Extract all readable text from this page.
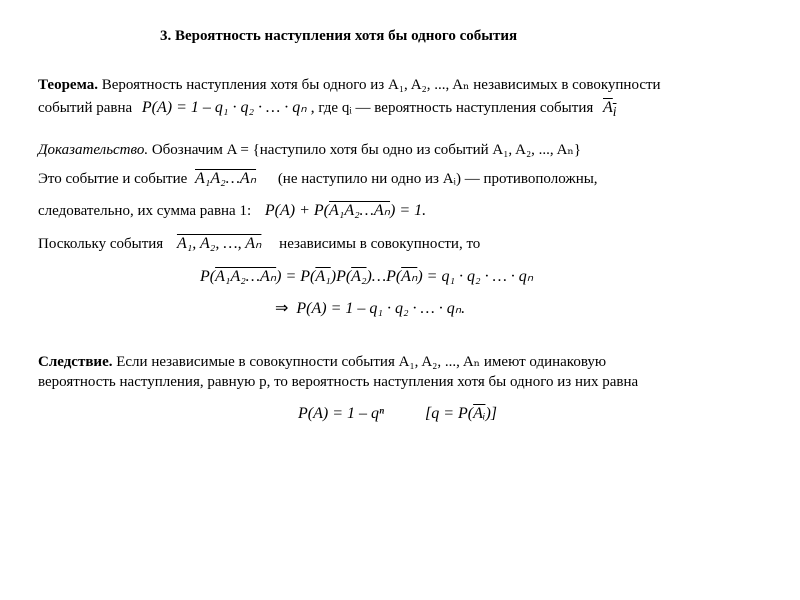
3. Вероятность наступления хотя бы одного события
Теорема. Вероятность наступления хотя бы одного из A₁, A₂, ..., Aₙ независимых в совокупности
событий равна P(A) = 1 – q₁ · q₂ · … · qₙ , где qᵢ — вероятность наступления события $A_i$
Доказательство. Обозначим A = {наступило хотя бы одно из событий A₁, A₂, ..., Aₙ}
Это событие и событие A₁A₂…Aₙ (не наступило ни одно из Aᵢ) — противоположны,
следовательно, их сумма равна 1: P(A) + P(A₁A₂…Aₙ) = 1.
Поскольку события A₁, A₂, …, Aₙ независимы в совокупности, то
P(A₁A₂…Aₙ) = $P(A_1)P(A_2)\dots P(\overline{A_n}) = q_1 \cdot q_2$ · … · qₙ
⇒ P(A) = 1 – q₁ · q₂ · … · qₙ.
Следствие. Если независимые в совокупности события A₁, A₂, ..., Aₙ имеют одинаковую
вероятность наступления, равную p, то вероятность наступления хотя бы одного из них равна
P(A) = 1 – qⁿ	$[q = P(\overline{Aᵢ})]$
